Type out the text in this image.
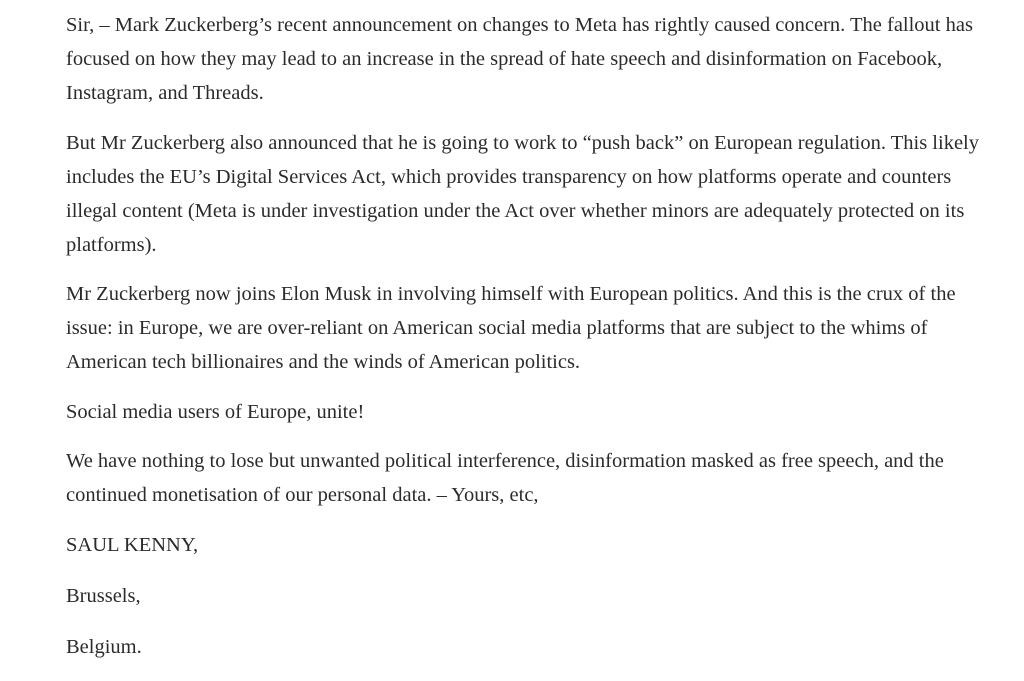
Sir, – Mark Zuckerberg’s recent announcement on changes to Meta has rightly caused concern. The fallout has focused on how they may lead to an increase in the spread of hate speech and disinformation on Facebook, Instagram, and Threads.

But Mr Zuckerberg also announced that he is going to work to “push back” on European regulation. This likely includes the EU’s Digital Services Act, which provides transparency on how platforms operate and counters illegal content (Meta is under investigation under the Act over whether minors are adequately protected on its platforms).

Mr Zuckerberg now joins Elon Musk in involving himself with European politics. And this is the crux of the issue: in Europe, we are over-reliant on American social media platforms that are subject to the whims of American tech billionaires and the winds of American politics.

Social media users of Europe, unite!

We have nothing to lose but unwanted political interference, disinformation masked as free speech, and the continued monetisation of our personal data. – Yours, etc,

SAUL KENNY,

Brussels,

Belgium.
